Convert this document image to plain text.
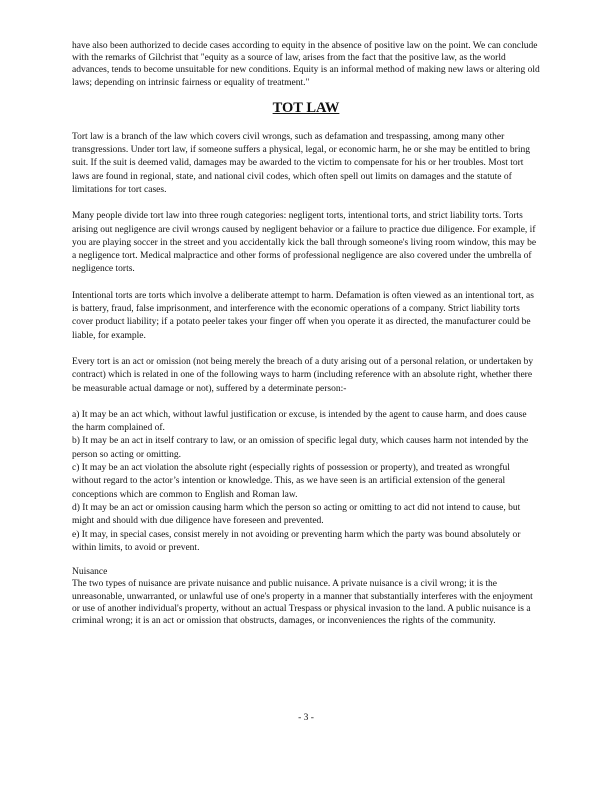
have also been authorized to decide cases according to equity in the absence of positive law on the point. We can conclude with the remarks of Gilchrist that "equity as a source of law, arises from the fact that the positive law, as the world advances, tends to become unsuitable for new conditions. Equity is an informal method of making new laws or altering old laws; depending on intrinsic fairness or equality of treatment."

TOT LAW

Tort law is a branch of the law which covers civil wrongs, such as defamation and trespassing, among many other transgressions. Under tort law, if someone suffers a physical, legal, or economic harm, he or she may be entitled to bring suit. If the suit is deemed valid, damages may be awarded to the victim to compensate for his or her troubles. Most tort laws are found in regional, state, and national civil codes, which often spell out limits on damages and the statute of limitations for tort cases.

Many people divide tort law into three rough categories: negligent torts, intentional torts, and strict liability torts. Torts arising out negligence are civil wrongs caused by negligent behavior or a failure to practice due diligence. For example, if you are playing soccer in the street and you accidentally kick the ball through someone's living room window, this may be a negligence tort. Medical malpractice and other forms of professional negligence are also covered under the umbrella of negligence torts.

Intentional torts are torts which involve a deliberate attempt to harm. Defamation is often viewed as an intentional tort, as is battery, fraud, false imprisonment, and interference with the economic operations of a company. Strict liability torts cover product liability; if a potato peeler takes your finger off when you operate it as directed, the manufacturer could be liable, for example.

Every tort is an act or omission (not being merely the breach of a duty arising out of a personal relation, or undertaken by contract) which is related in one of the following ways to harm (including reference with an absolute right, whether there be measurable actual damage or not), suffered by a determinate person:-

a) It may be an act which, without lawful justification or excuse, is intended by the agent to cause harm, and does cause the harm complained of.

b) It may be an act in itself contrary to law, or an omission of specific legal duty, which causes harm not intended by the person so acting or omitting.

c) It may be an act violation the absolute right (especially rights of possession or property), and treated as wrongful without regard to the actor’s intention or knowledge. This, as we have seen is an artificial extension of the general conceptions which are common to English and Roman law.

d) It may be an act or omission causing harm which the person so acting or omitting to act did not intend to cause, but might and should with due diligence have foreseen and prevented.

e) It may, in special cases, consist merely in not avoiding or preventing harm which the party was bound absolutely or within limits, to avoid or prevent.

Nuisance

The two types of nuisance are private nuisance and public nuisance. A private nuisance is a civil wrong; it is the unreasonable, unwarranted, or unlawful use of one's property in a manner that substantially interferes with the enjoyment or use of another individual's property, without an actual Trespass or physical invasion to the land. A public nuisance is a criminal wrong; it is an act or omission that obstructs, damages, or inconveniences the rights of the community.

- 3 -
